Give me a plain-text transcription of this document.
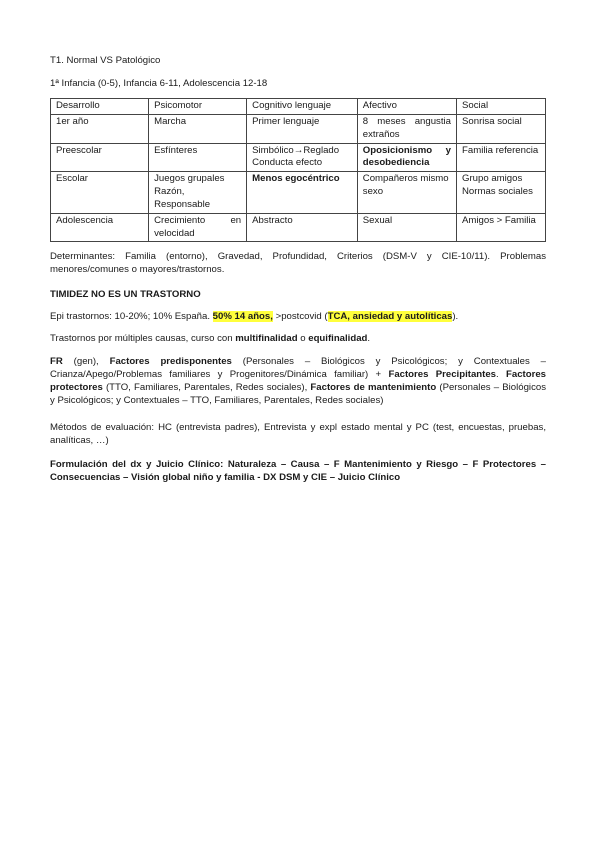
T1. Normal VS Patológico

1ª Infancia (0-5), Infancia 6-11, Adolescencia 12-18

Desarrollo	Psicomotor	Cognitivo lenguaje	Afectivo	Social
1er año	Marcha	Primer lenguaje	8 meses angustia extraños	Sonrisa social
Preescolar	Esfínteres	Simbólico→Reglado Conducta efecto	Oposicionismo y desobediencia	Familia referencia
Escolar	Juegos grupales Razón, Responsable	Menos egocéntrico	Compañeros mismo sexo	Grupo amigos Normas sociales
Adolescencia	Crecimiento en velocidad	Abstracto	Sexual	Amigos > Familia

Determinantes: Familia (entorno), Gravedad, Profundidad, Criterios (DSM-V y CIE-10/11). Problemas menores/comunes o mayores/trastornos.

TIMIDEZ NO ES UN TRASTORNO

Epi trastornos: 10-20%; 10% España. 50% 14 años, >postcovid (TCA, ansiedad y autolíticas).

Trastornos por múltiples causas, curso con multifinalidad o equifinalidad.

FR (gen), Factores predisponentes (Personales – Biológicos y Psicológicos; y Contextuales – Crianza/Apego/Problemas familiares y Progenitores/Dinámica familiar) + Factores Precipitantes. Factores protectores (TTO, Familiares, Parentales, Redes sociales), Factores de mantenimiento (Personales – Biológicos y Psicológicos; y Contextuales – TTO, Familiares, Parentales, Redes sociales)

Métodos de evaluación: HC (entrevista padres), Entrevista y expl estado mental y PC (test, encuestas, pruebas, analíticas, …)

Formulación del dx y Juicio Clínico: Naturaleza – Causa – F Mantenimiento y Riesgo – F Protectores – Consecuencias – Visión global niño y familia - DX DSM y CIE – Juicio Clínico
